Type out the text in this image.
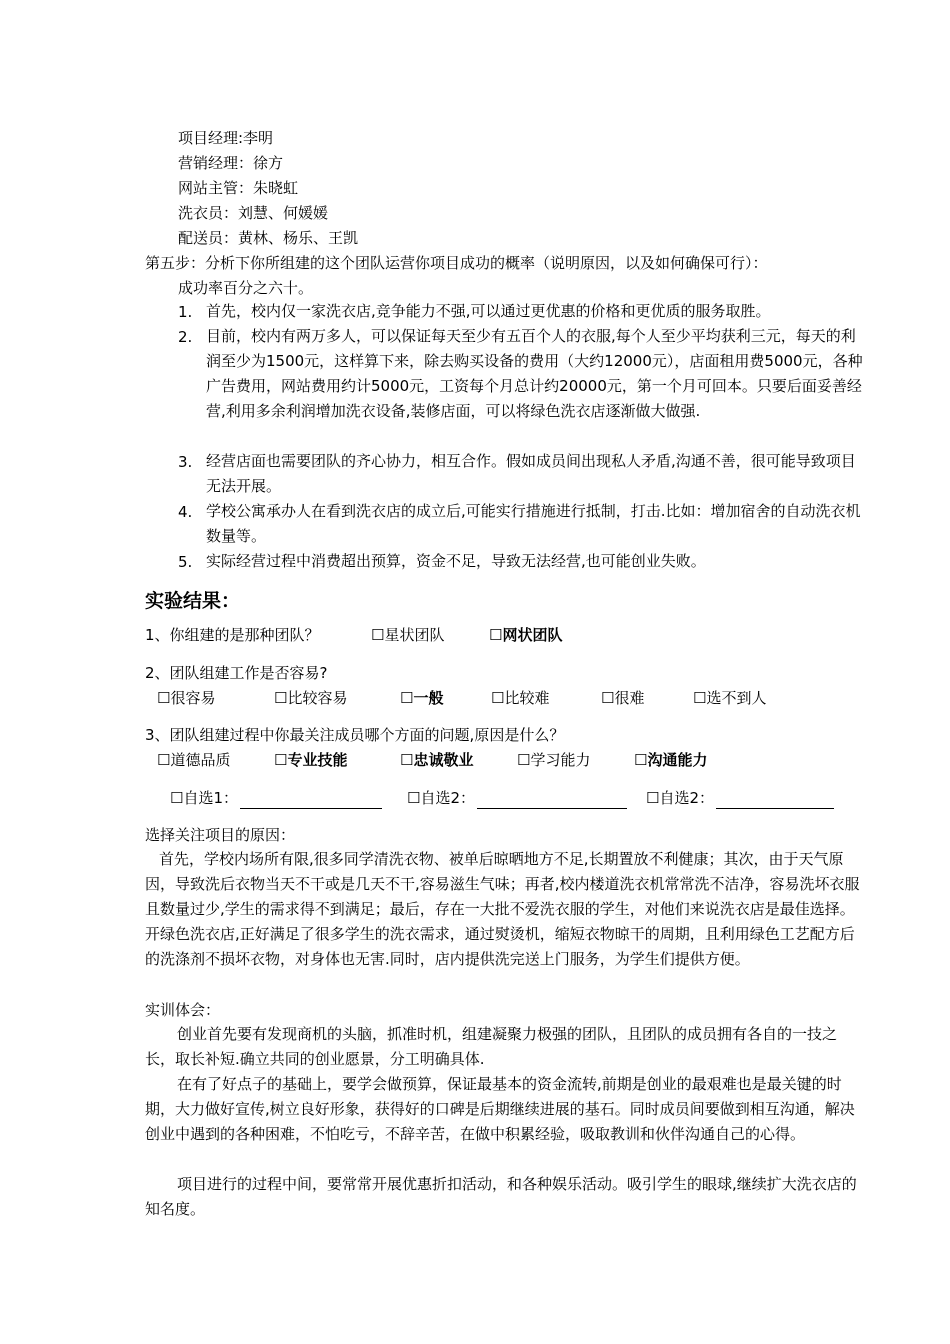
项目经理:李明
营销经理：徐方
网站主管：朱晓虹
洗衣员：刘慧、何媛媛
配送员：黄林、杨乐、王凯
第五步：分析下你所组建的这个团队运营你项目成功的概率（说明原因，以及如何确保可行）：
成功率百分之六十。
1. 首先，校内仅一家洗衣店,竞争能力不强,可以通过更优惠的价格和更优质的服务取胜。

2. 目前，校内有两万多人，可以保证每天至少有五百个人的衣服,每个人至少平均获利三元，每天的利润至少为1500元，这样算下来，除去购买设备的费用（大约12000元），店面租用费5000元，各种广告费用，网站费用约计5000元，工资每个月总计约20000元，第一个月可回本。只要后面妥善经营,利用多余利润增加洗衣设备,装修店面，可以将绿色洗衣店逐渐做大做强.

3. 经营店面也需要团队的齐心协力，相互合作。假如成员间出现私人矛盾,沟通不善，很可能导致项目无法开展。

4. 学校公寓承办人在看到洗衣店的成立后,可能实行措施进行抵制，打击.比如：增加宿舍的自动洗衣机数量等。

5. 实际经营过程中消费超出预算，资金不足，导致无法经营,也可能创业失败。

实验结果：
1、你组建的是那种团队？	☐星状团队	☐网状团队
2、团队组建工作是否容易?
☐很容易	☐比较容易	☐一般	☐比较难	☐很难	☐选不到人
3、团队组建过程中你最关注成员哪个方面的问题,原因是什么？
☐道德品质	☐专业技能	☐忠诚敬业	☐学习能力	☐沟通能力
☐自选1：	☐自选2：	☐自选2：
选择关注项目的原因：

首先，学校内场所有限,很多同学清洗衣物、被单后晾晒地方不足,长期置放不利健康；其次，由于天气原因，导致洗后衣物当天不干或是几天不干,容易滋生气味；再者,校内楼道洗衣机常常洗不洁净，容易洗坏衣服且数量过少,学生的需求得不到满足；最后，存在一大批不爱洗衣服的学生，对他们来说洗衣店是最佳选择。开绿色洗衣店,正好满足了很多学生的洗衣需求，通过熨烫机，缩短衣物晾干的周期，且利用绿色工艺配方后的洗涤剂不损坏衣物，对身体也无害.同时，店内提供洗完送上门服务，为学生们提供方便。

实训体会：

创业首先要有发现商机的头脑，抓准时机，组建凝聚力极强的团队，且团队的成员拥有各自的一技之长，取长补短.确立共同的创业愿景，分工明确具体.

在有了好点子的基础上，要学会做预算，保证最基本的资金流转,前期是创业的最艰难也是最关键的时期，大力做好宣传,树立良好形象，获得好的口碑是后期继续进展的基石。同时成员间要做到相互沟通，解决创业中遇到的各种困难，不怕吃亏，不辞辛苦，在做中积累经验，吸取教训和伙伴沟通自己的心得。

项目进行的过程中间，要常常开展优惠折扣活动，和各种娱乐活动。吸引学生的眼球,继续扩大洗衣店的知名度。
